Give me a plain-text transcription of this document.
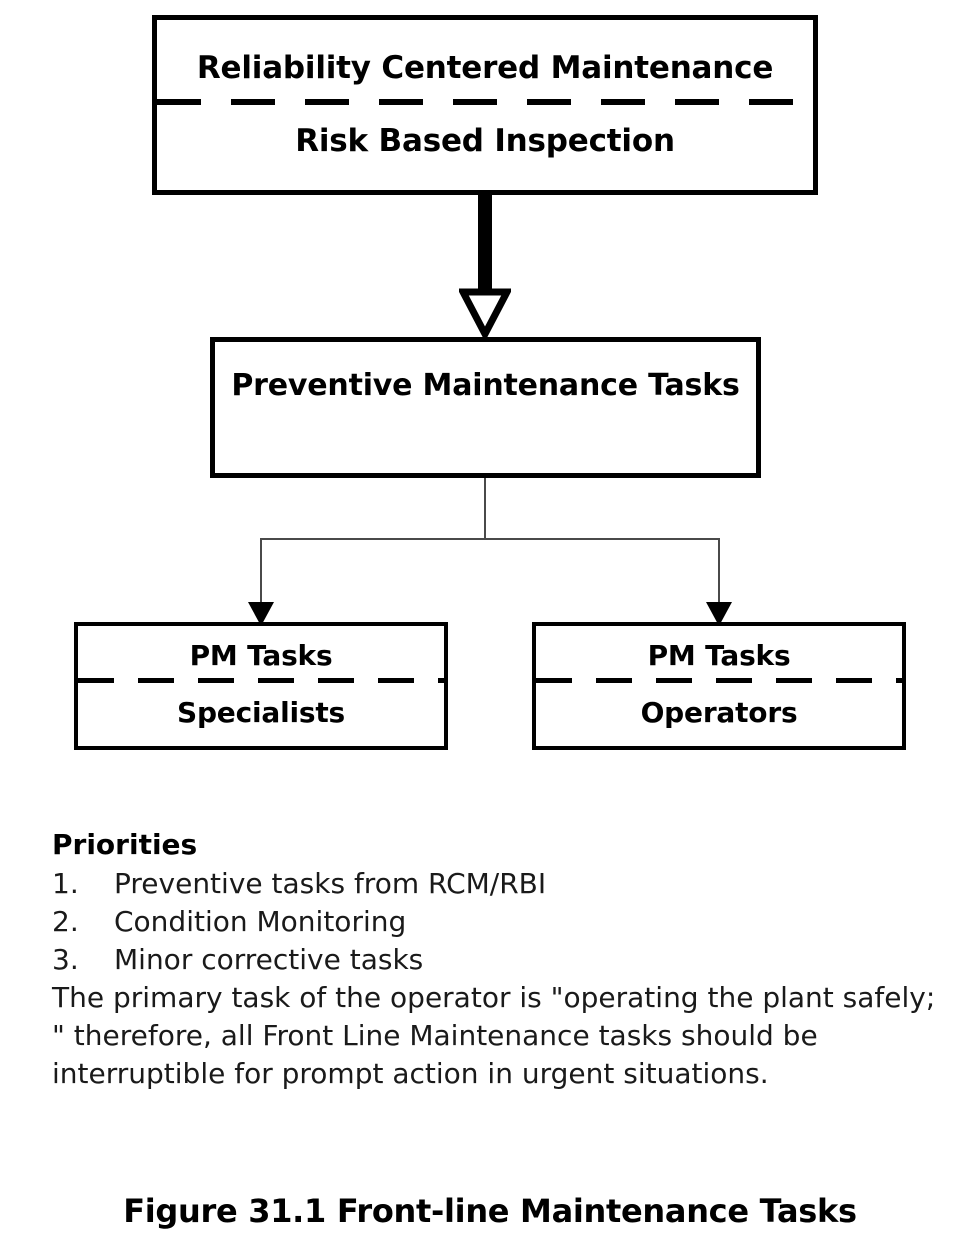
Reliability Centered Maintenance
Risk Based Inspection
Preventive Maintenance Tasks
PM Tasks
Specialists
PM Tasks
Operators
Priorities
1.	Preventive tasks from RCM/RBI
2.	Condition Monitoring
3.	Minor corrective tasks

The primary task of the operator is "operating the plant safely; " therefore, all Front Line Maintenance tasks should be interruptible for prompt action in urgent situations.

Figure 31.1 Front-line Maintenance Tasks
